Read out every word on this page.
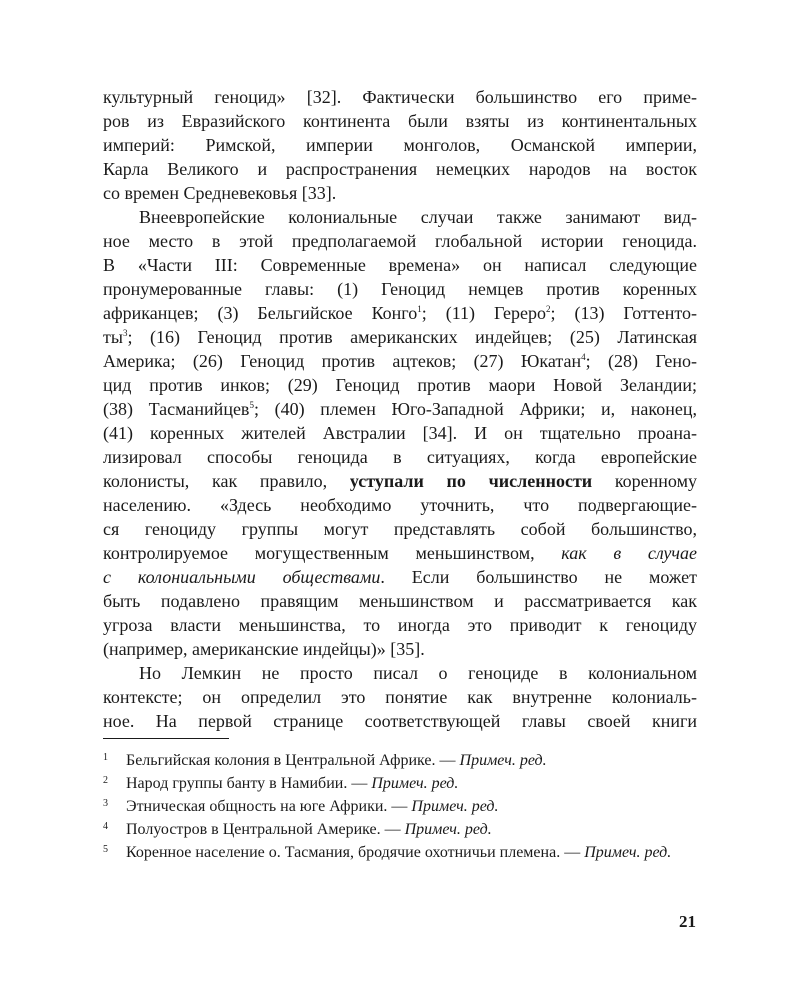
культурный геноцид» [32]. Фактически большинство его приме-
ров из Евразийского континента были взяты из континентальных
империй: Римской, империи монголов, Османской империи,
Карла Великого и распространения немецких народов на восток
со времен Средневековья [33].
Внеевропейские колониальные случаи также занимают вид-
ное место в этой предполагаемой глобальной истории геноцида.
В «Части III: Современные времена» он написал следующие
пронумерованные главы: (1) Геноцид немцев против коренных
африканцев; (3) Бельгийское Конго$^1$; (11) Гереро$^2$; (13) Готтенто-
$ты^3$; (16) Геноцид против американских индейцев; (25) Латинская
Америка; (26) Геноцид против ацтеков; (27) Юкатан$^4$; (28) Гено-
цид против инков; (29) Геноцид против маори Новой Зеландии;
(38) Тасманийцев$^5$; (40) племен Юго-Западной Африки; и, наконец,
(41) коренных жителей Австралии [34]. И он тщательно проана-
лизировал способы геноцида в ситуациях, когда европейские
колонисты, как правило, уступали по численности коренному
населению. «Здесь необходимо уточнить, что подвергающие-
ся геноциду группы могут представлять собой большинство,
контролируемое могущественным меньшинством, как в случае
с колониальными обществами. Если большинство не может
быть подавлено правящим меньшинством и рассматривается как
угроза власти меньшинства, то иногда это приводит к геноциду
(например, американские индейцы)» [35].
Но Лемкин не просто писал о геноциде в колониальном
контексте; он определил это понятие как внутренне колониаль-
ное. На первой странице соответствующей главы своей книги
1	Бельгийская колония в Центральной Африке. — Примеч. ред.
2	Народ группы банту в Намибии. — Примеч. ред.
3	Этническая общность на юге Африки. — Примеч. ред.
4	Полуостров в Центральной Америке. — Примеч. ред.
5	Коренное население о. Тасмания, бродячие охотничьи племена. — Примеч. ред.
21
